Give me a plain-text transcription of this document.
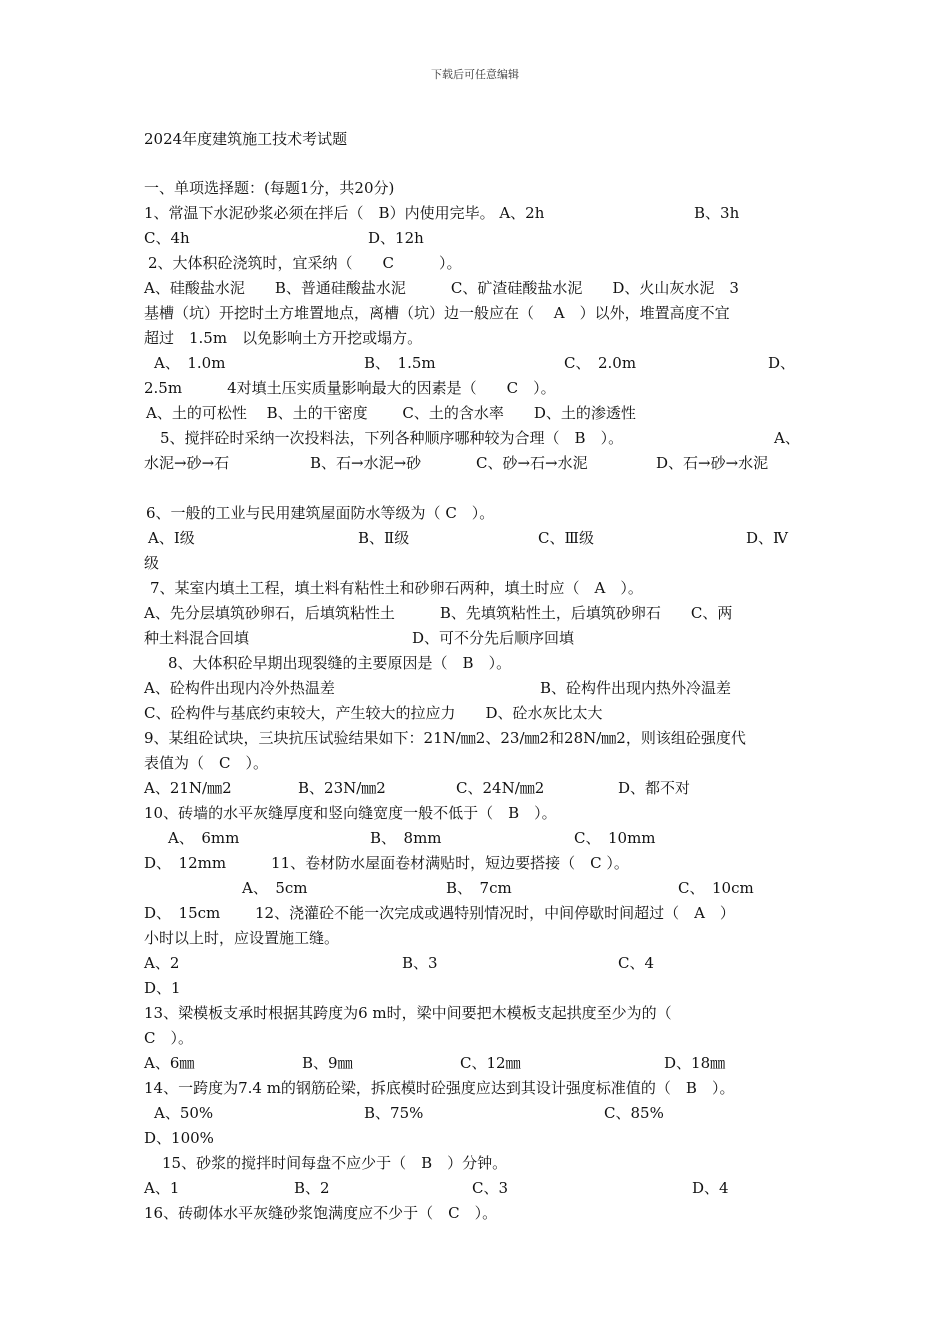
下载后可任意编辑
2024年度建筑施工技术考试题
一、单项选择题：(每题1分，共20分)
1、常温下水泥砂浆必须在拌后（　B）内使用完毕。 A、2h	B、3h
C、4h	D、12h
2、大体积砼浇筑时，宜采纳（　　C　　　）。
A、硅酸盐水泥　　B、普通硅酸盐水泥　　　C、矿渣硅酸盐水泥　　D、火山灰水泥　3
基槽（坑）开挖时土方堆置地点，离槽（坑）边一般应在（　 A　）以外，堆置高度不宜
超过　1.5m　以免影响土方开挖或塌方。
A、　1.0m	B、　1.5m	C、　2.0m	D、
2.5m　　　4对填土压实质量影响最大的因素是（　　C　）。
A、土的可松性　 B、土的干密度　　 C、土的含水率　　D、土的渗透性
5、搅拌砼时采纳一次投料法，下列各种顺序哪种较为合理（　B　）。	A、
水泥→砂→石	B、石→水泥→砂	C、砂→石→水泥	D、石→砂→水泥
6、一般的工业与民用建筑屋面防水等级为（ C　）。
A、Ⅰ级	B、Ⅱ级	C、Ⅲ级	D、Ⅳ
级
7、某室内填土工程，填土料有粘性土和砂卵石两种，填土时应（　A　）。
A、先分层填筑砂卵石，后填筑粘性土　　　B、先填筑粘性土，后填筑砂卵石　　C、两
种土料混合回填	D、可不分先后顺序回填
8、大体积砼早期出现裂缝的主要原因是（　B　）。
A、砼构件出现内冷外热温差	B、砼构件出现内热外冷温差
C、砼构件与基底约束较大，产生较大的拉应力　　D、砼水灰比太大
9、某组砼试块，三块抗压试验结果如下：21N/㎜2、23/㎜2和28N/㎜2，则该组砼强度代
表值为（　C　）。
A、21N/㎜2	B、23N/㎜2	C、24N/㎜2	D、都不对
10、砖墙的水平灰缝厚度和竖向缝宽度一般不低于（　B　）。
A、　6mm	B、　8mm	C、　10mm
D、　12mm　　　11、卷材防水屋面卷材满贴时，短边要搭接（　C ）。
A、　5cm	B、　7cm	C、　10cm
D、　15cm　　 12、浇灌砼不能一次完成或遇特别情况时，中间停歇时间超过（　A　）
小时以上时，应设置施工缝。
A、2	B、3	C、4
D、1
13、梁模板支承时根据其跨度为6 m时，梁中间要把木模板支起拱度至少为的（
C　）。
A、6㎜	B、9㎜	C、12㎜	D、18㎜
14、一跨度为7.4 m的钢筋砼梁，拆底模时砼强度应达到其设计强度标准值的（　B　）。
A、50%	B、75%	C、85%
D、100%
15、砂浆的搅拌时间每盘不应少于（　B　）分钟。
A、1	B、2	C、3	D、4
16、砖砌体水平灰缝砂浆饱满度应不少于（　C　）。
